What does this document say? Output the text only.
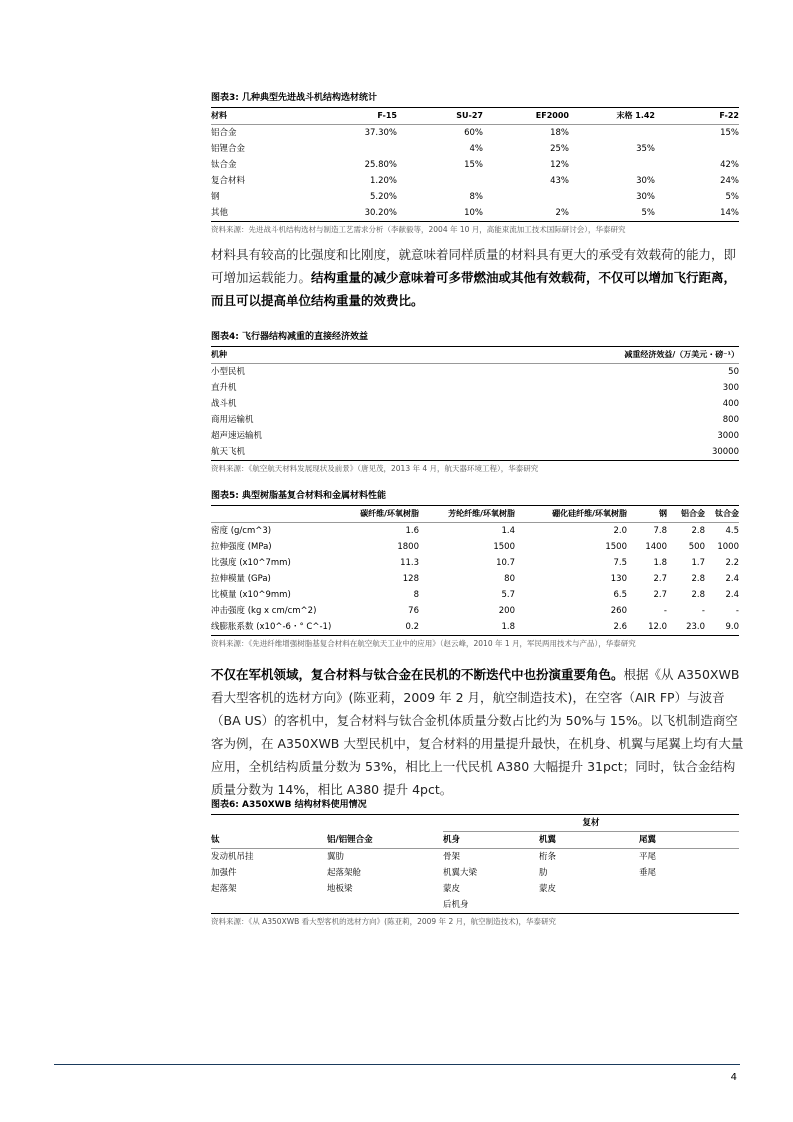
图表3: 几种典型先进战斗机结构选材统计
材料	F-15	SU-27	EF2000	末格 1.42	F-22
铝合金	37.30%	60%	18%		15%
铝锂合金		4%	25%	35%	
钛合金	25.80%	15%	12%		42%
复合材料	1.20%		43%	30%	24%
钢	5.20%	8%		30%	5%
其他	30.20%	10%	2%	5%	14%
资料来源：先进战斗机结构选材与制造工艺需求分析（李献毅等，2004 年 10 月，高能束流加工技术国际研讨会），华泰研究
材料具有较高的比强度和比刚度，就意味着同样质量的材料具有更大的承受有效载荷的能力，即可增加运载能力。结构重量的减少意味着可多带燃油或其他有效载荷，不仅可以增加飞行距离，而且可以提高单位结构重量的效费比。
图表4: 飞行器结构减重的直接经济效益
机种	减重经济效益/（万美元・磅⁻¹）
小型民机	50
直升机	300
战斗机	400
商用运输机	800
超声速运输机	3000
航天飞机	30000
资料来源：《航空航天材料发展现状及前景》（唐见茂，2013 年 4 月，航天器环境工程），华泰研究
图表5: 典型树脂基复合材料和金属材料性能
	碳纤维/环氧树脂	芳纶纤维/环氧树脂	硼化硅纤维/环氧树脂	钢	铝合金	钛合金
密度 (g/cm^3)	1.6	1.4	2.0	7.8	2.8	4.5
拉伸强度 (MPa)	1800	1500	1500	1400	500	1000
比强度 (x10^7mm)	11.3	10.7	7.5	1.8	1.7	2.2
拉伸模量 (GPa)	128	80	130	2.7	2.8	2.4
比模量 (x10^9mm)	8	5.7	6.5	2.7	2.8	2.4
冲击强度 (kg x cm/cm^2)	76	200	260	-	-	-
线膨胀系数 (x10^-6・° C^-1)	0.2	1.8	2.6	12.0	23.0	9.0
资料来源：《先进纤维增强树脂基复合材料在航空航天工业中的应用》（赵云峰，2010 年 1 月，军民两用技术与产品），华泰研究
不仅在军机领域，复合材料与钛合金在民机的不断迭代中也扮演重要角色。根据《从 A350XWB 看大型客机的选材方向》(陈亚莉，2009 年 2 月，航空制造技术)，在空客（AIR FP）与波音（BA US）的客机中，复合材料与钛合金机体质量分数占比约为 50%与 15%。以飞机制造商空客为例，在 A350XWB 大型民机中，复合材料的用量提升最快，在机身、机翼与尾翼上均有大量应用，全机结构质量分数为 53%，相比上一代民机 A380 大幅提升 31pct；同时，钛合金结构质量分数为 14%，相比 A380 提升 4pct。
图表6: A350XWB 结构材料使用情况
		复材		
钛	铝/铝锂合金	机身	机翼	尾翼
发动机吊挂	翼肋	骨架	桁条	平尾
加强件	起落架舱	机翼大梁	肋	垂尾
起落架	地板梁	蒙皮	蒙皮	
		后机身		
资料来源：《从 A350XWB 看大型客机的选材方向》(陈亚莉，2009 年 2 月，航空制造技术)，华泰研究
4
